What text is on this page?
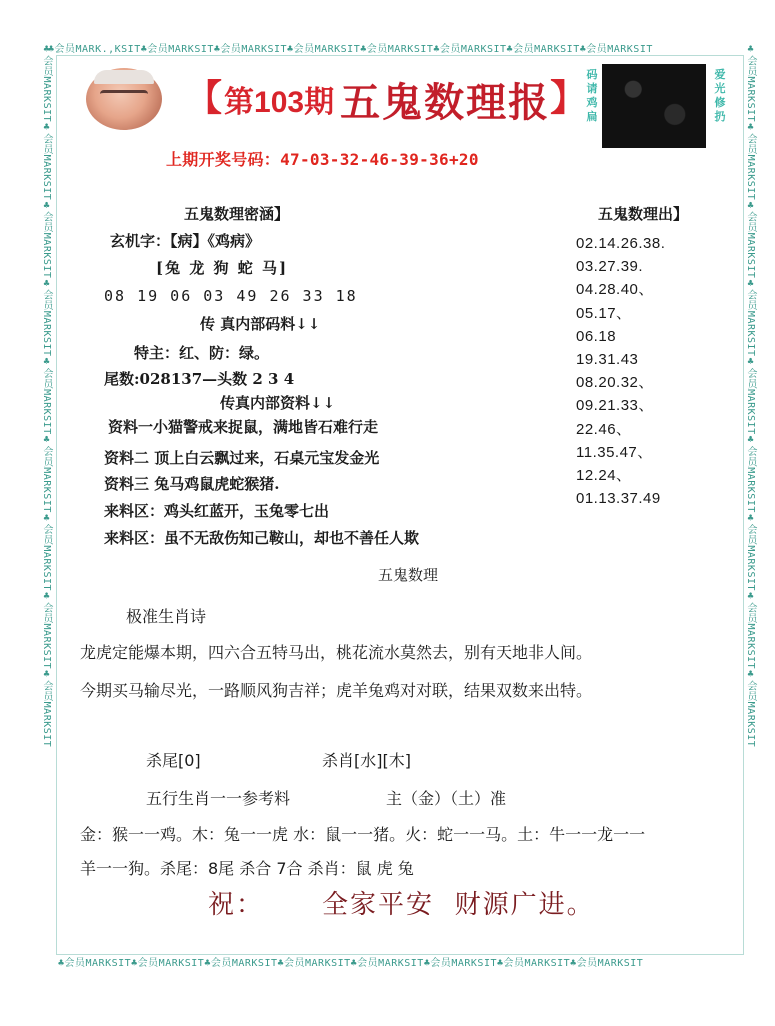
♣会员MARK.,KSIT♣会员MARKSIT♣会员MARKSIT♣会员MARKSIT♣会员MARKSIT♣会员MARKSIT♣会员MARKSIT♣会员MARKSIT
♣会员MARKSIT♣会员MARKSIT♣会员MARKSIT♣会员MARKSIT♣会员MARKSIT♣会员MARKSIT♣会员MARKSIT♣会员MARKSIT
♣会员MARKSIT♣会员MARKSIT♣会员MARKSIT♣会员MARKSIT♣会员MARKSIT♣会员MARKSIT♣会员MARKSIT♣会员MARKSIT♣会员MARKSIT	♣会员MARKSIT♣会员MARKSIT♣会员MARKSIT♣会员MARKSIT♣会员MARKSIT♣会员MARKSIT♣会员MARKSIT♣会员MARKSIT♣会员MARKSIT
【 第103期 五鬼数理报 】
码请鸡扁
爱光修扔
上期开奖号码：47-03-32-46-39-36+20
五鬼数理密涵】
玄机字：【病】《鸡病》
[兔 龙 狗 蛇 马]
08 19 06 03 49 26 33 18
传 真内部码料↓↓
特主：红、防：绿。
尾数:028137—头数 2 3 4
传真内部资料↓↓
资料一小猫警戒来捉鼠，满地皆石难行走
资料二 顶上白云飘过来，石桌元宝发金光
资料三 兔马鸡鼠虎蛇猴猪.
来料区：鸡头红蓝开，玉兔零七出
来料区：虽不无敌伤知己鞍山，却也不善任人欺
五鬼数理出】
02.14.26.38.
03.27.39.
04.28.40、
05.17、
06.18
19.31.43
08.20.32、
09.21.33、
22.46、
11.35.47、
12.24、
01.13.37.49
五鬼数理
极准生肖诗
龙虎定能爆本期，四六合五特马出，桃花流水莫然去，别有天地非人间。
今期买马输尽光，一路顺风狗吉祥；虎羊兔鸡对对联，结果双数来出特。
杀尾[0]	杀肖[水][木]
五行生肖一一参考料	主（金）（土）准
金：猴一一鸡。木：兔一一虎 水：鼠一一猪。火：蛇一一马。土：牛一一龙一一
羊一一狗。杀尾：8尾 杀合 7合 杀肖：鼠 虎 兔
祝： 全家平安 财源广进。
